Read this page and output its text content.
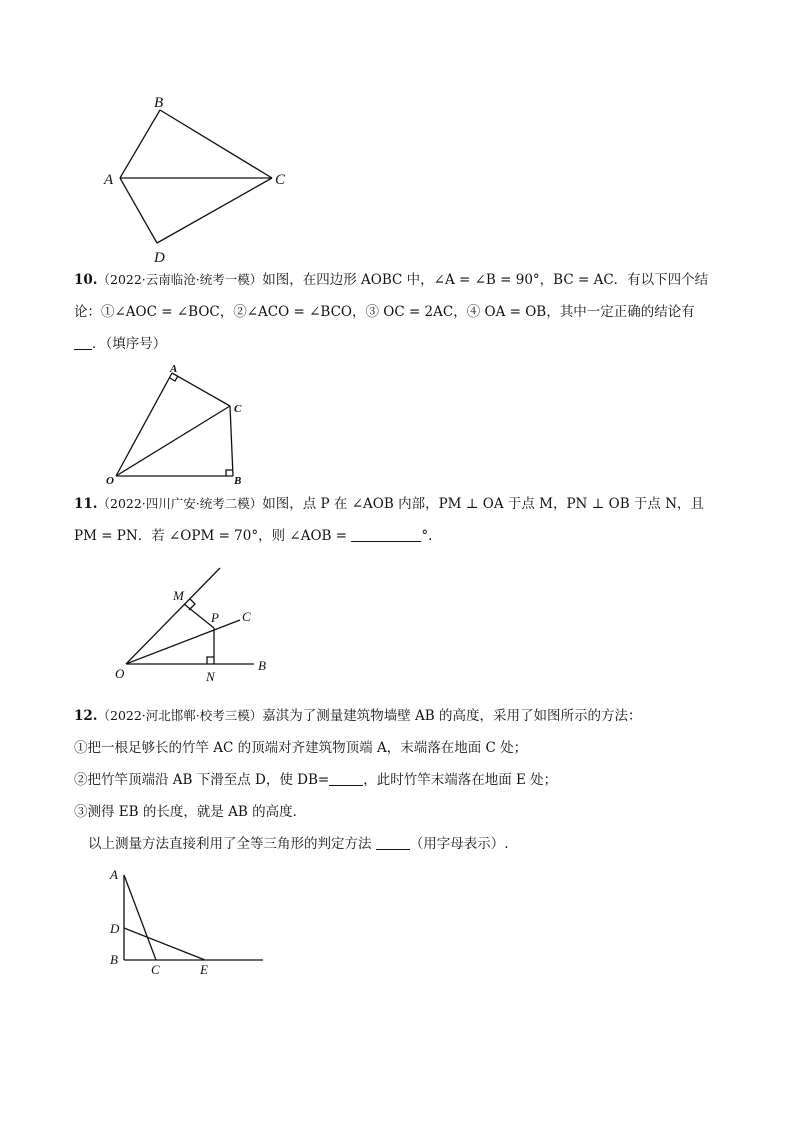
B
A	C
D
10.（2022·云南临沧·统考一模）如图，在四边形 AOBC 中，∠A = ∠B = 90°，BC = AC．有以下四个结
论：①∠AOC = ∠BOC，②∠ACO = ∠BCO，③ OC = 2AC，④ OA = OB，其中一定正确的结论有
．（填序号）
A
C
O	B
11.（2022·四川广安·统考二模）如图，点 P 在 ∠AOB 内部，PM ⊥ OA 于点 M，PN ⊥ OB 于点 N，且
PM = PN．若 ∠OPM = 70°，则 ∠AOB =	°.
M
P C
O	N
B
12.（2022·河北邯郸·校考三模）嘉淇为了测量建筑物墙壁 AB 的高度，采用了如图所示的方法：
①把一根足够长的竹竿 AC 的顶端对齐建筑物顶端 A，末端落在地面 C 处；
②把竹竿顶端沿 AB 下滑至点 D，使 DB=	，此时竹竿末端落在地面 E 处；
③测得 EB 的长度，就是 AB 的高度．
以上测量方法直接利用了全等三角形的判定方法	（用字母表示）.
A
D
B
C	E
